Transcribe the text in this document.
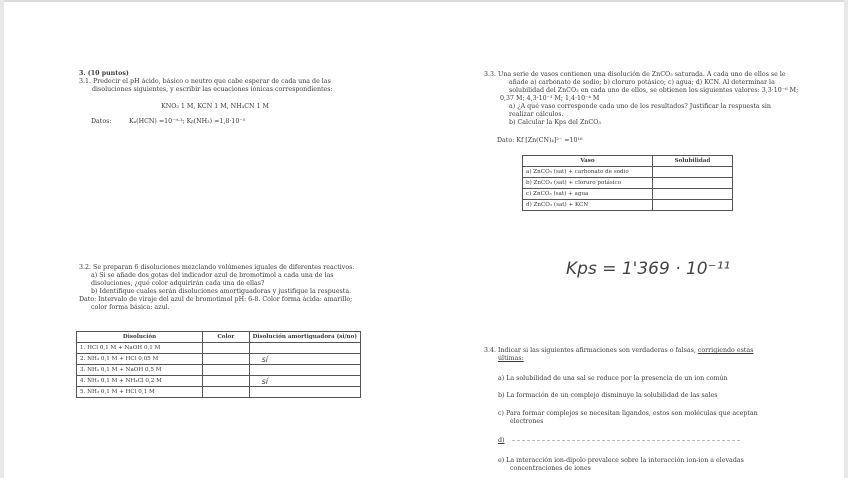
3. (10 puntos)
3.1. Predecir el pH ácido, básico o neutro que cabe esperar de cada una de las
disoluciones siguientes, y escribir las ecuaciones iónicas correspondientes:
KNO₃ 1 M, KCN 1 M, NH₄CN 1 M
Datos:	Kₐ(HCN) =10⁻⁹·³; Kᵦ(NH₃) =1,8·10⁻⁵
3.2. Se preparan 6 disoluciones mezclando volúmenes iguales de diferentes reactivos.
a) Si se añade dos gotas del indicador azul de bromotimol a cada una de las
disoluciones, ¿qué color adquirirán cada una de ellas?
b) Identifique cuales serán disoluciones amortiguadoras y justifique la respuesta.
Dato: Intervalo de viraje del azul de bromotimol pH: 6-8. Color forma ácida: amarillo;
color forma básica: azul.
Disolución	Color	Disolución amortiguadora (si/no)
1. HCl 0,1 M + NaOH 0,1 M		
2. NH₃ 0,1 M + HCl 0,05 M		sí
3. NH₃ 0,1 M + NaOH 0,5 M		
4. NH₃ 0,1 M + NH₄Cl 0,2 M		sí
5. NH₃ 0,1 M + HCl 0,1 M		
3.3. Una serie de vasos contienen una disolución de ZnCO₃ saturada. A cada uno de ellos se le
añade a) carbonato de sodio; b) cloruro potásico; c) agua; d) KCN. Al determinar la
solubilidad del ZnCO₃ en cada uno de ellos, se obtienen los siguientes valores: 3,3·10⁻⁶ M;
0,37 M; 4,3·10⁻³ M; 1,4·10⁻⁴ M
a) ¿A qué vaso corresponde cada uno de los resultados? Justificar la respuesta sin
realizar cálculos.
b) Calcular la Kps del ZnCO₃
Dato: Kf [Zn(CN)₄]²⁻ =10¹⁶
Vaso	Solubilidad
a) ZnCO₃ (sat) + carbonato de sodio	
b) ZnCO₃ (sat) + cloruro potásico	
c) ZnCO₃ (sat) + agua	
d) ZnCO₃ (sat) + KCN	
Kps = 1'369 · 10⁻¹¹
3.4. Indicar si las siguientes afirmaciones son verdaderas o falsas, corrigiendo estas
últimas:
a) La solubilidad de una sal se reduce por la presencia de un ion común
b) La formación de un complejo disminuye la solubilidad de las sales
c) Para formar complejos se necesitan ligandos, estos son moléculas que aceptan
electrones
d)
e) La interacción ion-dipolo prevalece sobre la interacción ion-ion a elevadas
concentraciones de iones
